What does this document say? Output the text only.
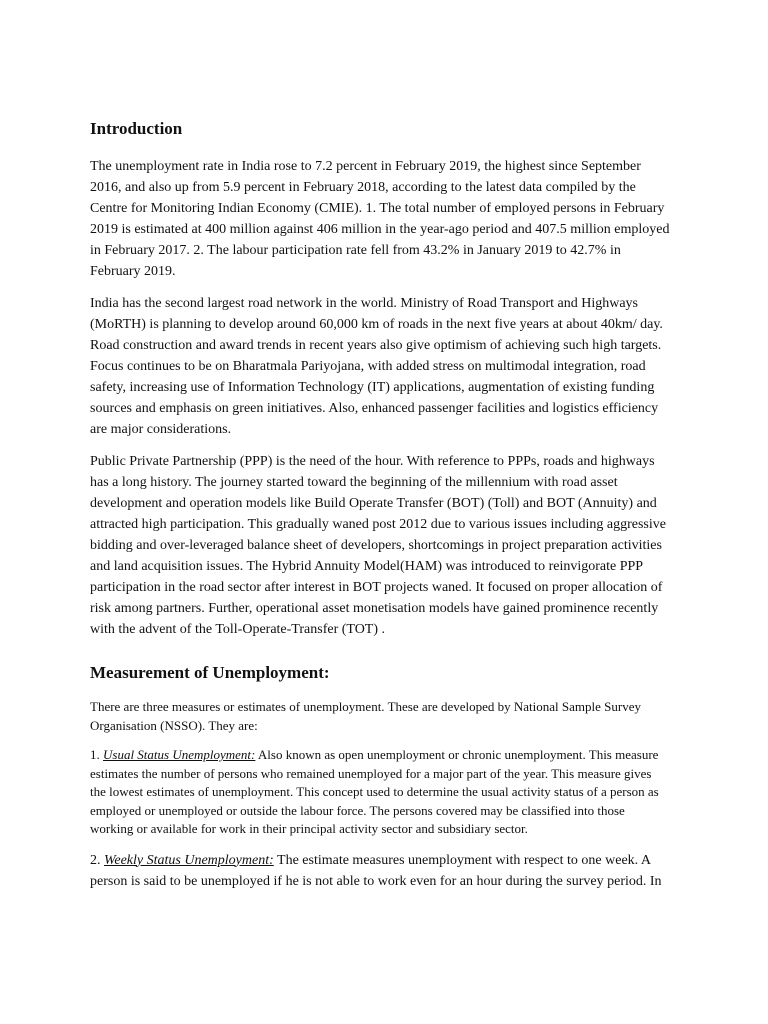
Introduction

The unemployment rate in India rose to 7.2 percent in February 2019, the highest since September 2016, and also up from 5.9 percent in February 2018, according to the latest data compiled by the Centre for Monitoring Indian Economy (CMIE). 1. The total number of employed persons in February 2019 is estimated at 400 million against 406 million in the year-ago period and 407.5 million employed in February 2017. 2. The labour participation rate fell from 43.2% in January 2019 to 42.7% in February 2019.

India has the second largest road network in the world. Ministry of Road Transport and Highways (MoRTH) is planning to develop around 60,000 km of roads in the next five years at about 40km/ day. Road construction and award trends in recent years also give optimism of achieving such high targets. Focus continues to be on Bharatmala Pariyojana, with added stress on multimodal integration, road safety, increasing use of Information Technology (IT) applications, augmentation of existing funding sources and emphasis on green initiatives. Also, enhanced passenger facilities and logistics efficiency are major considerations.

Public Private Partnership (PPP) is the need of the hour. With reference to PPPs, roads and highways has a long history. The journey started toward the beginning of the millennium with road asset development and operation models like Build Operate Transfer (BOT) (Toll) and BOT (Annuity) and attracted high participation. This gradually waned post 2012 due to various issues including aggressive bidding and over-leveraged balance sheet of developers, shortcomings in project preparation activities and land acquisition issues. The Hybrid Annuity Model(HAM) was introduced to reinvigorate PPP participation in the road sector after interest in BOT projects waned. It focused on proper allocation of risk among partners. Further, operational asset monetisation models have gained prominence recently with the advent of the Toll-Operate-Transfer (TOT) .

Measurement of Unemployment:

There are three measures or estimates of unemployment. These are developed by National Sample Survey Organisation (NSSO). They are:

1. Usual Status Unemployment: Also known as open unemployment or chronic unemployment. This measure estimates the number of persons who remained unemployed for a major part of the year. This measure gives the lowest estimates of unemployment. This concept used to determine the usual activity status of a person as employed or unemployed or outside the labour force. The persons covered may be classified into those working or available for work in their principal activity sector and subsidiary sector.

2. Weekly Status Unemployment: The estimate measures unemployment with respect to one week. A person is said to be unemployed if he is not able to work even for an hour during the survey period. In
